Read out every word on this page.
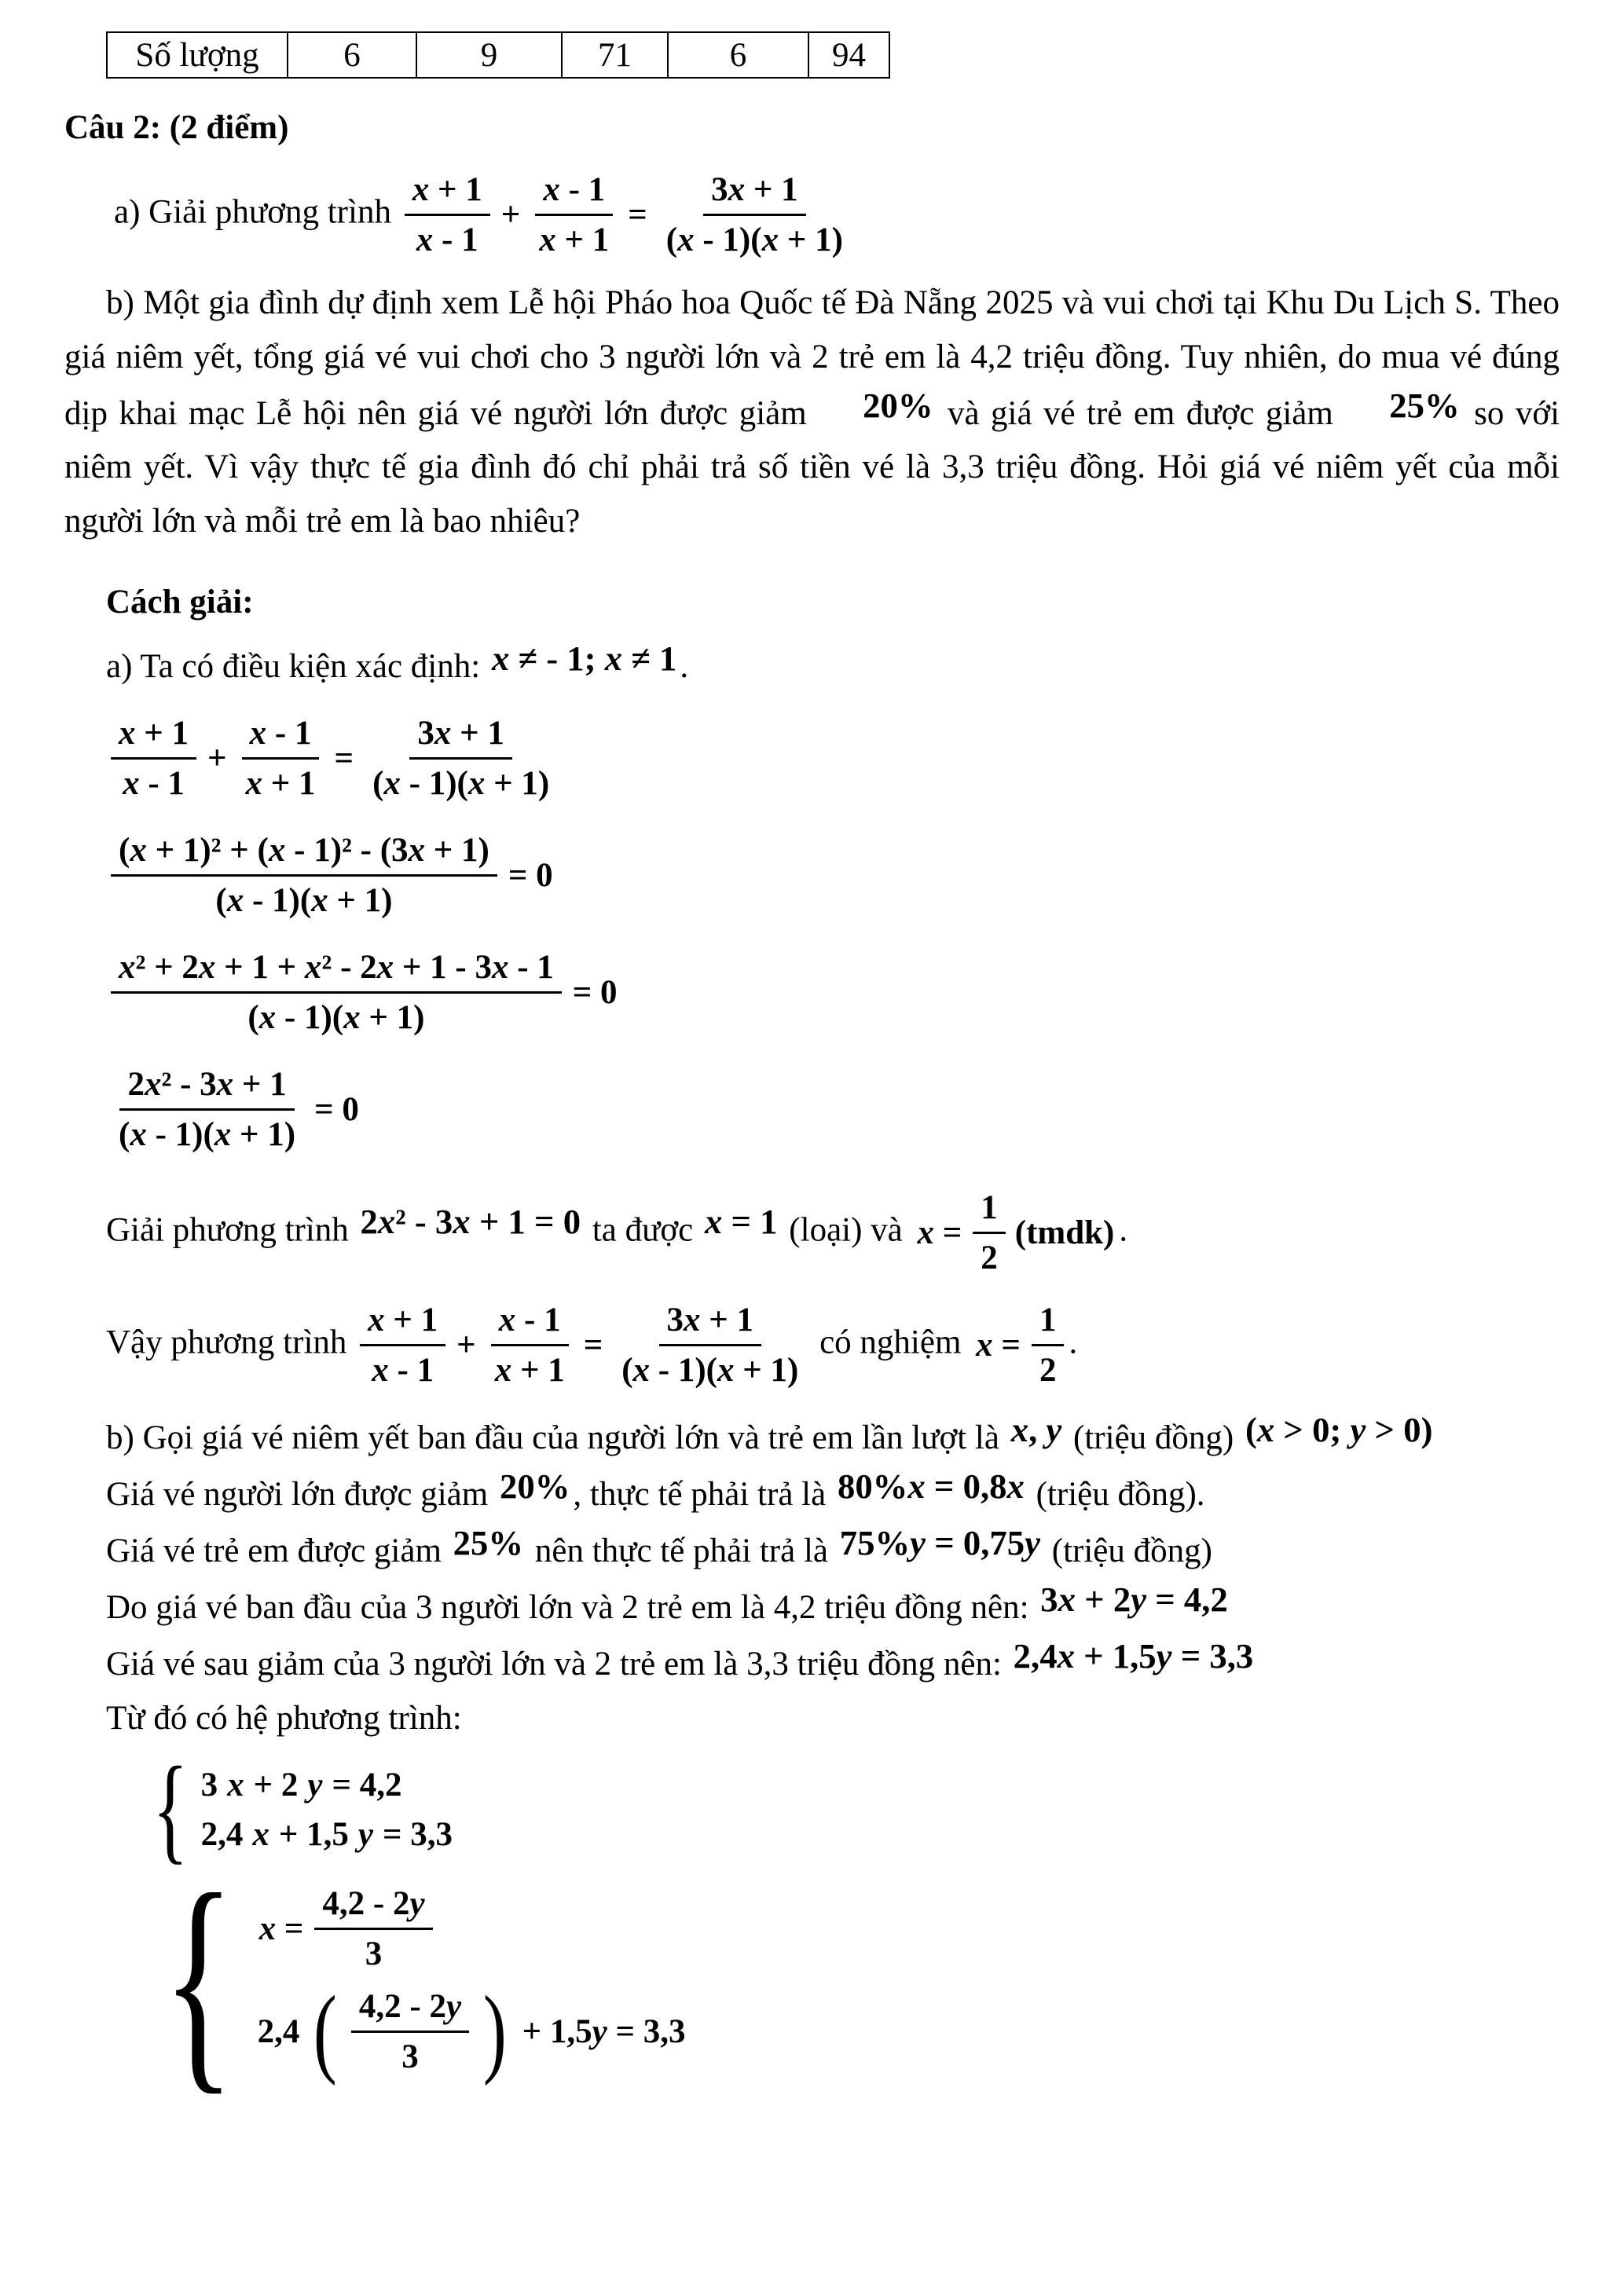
Số lượng	6	9	71	6	94
Câu 2: (2 điểm)
a) Giải phương trình $\frac{x + 1}{x - 1} + \frac{x - 1}{x + 1} = \frac{3x + 1}{(x - 1)(x + 1)}$

b) Một gia đình dự định xem Lễ hội Pháo hoa Quốc tế Đà Nẵng 2025 và vui chơi tại Khu Du Lịch S. Theo giá niêm yết, tổng giá vé vui chơi cho 3 người lớn và 2 trẻ em là 4,2 triệu đồng. Tuy nhiên, do mua vé đúng dịp khai mạc Lễ hội nên giá vé người lớn được giảm 20% và giá vé trẻ em được giảm 25% so với niêm yết. Vì vậy thực tế gia đình đó chỉ phải trả số tiền vé là 3,3 triệu đồng. Hỏi giá vé niêm yết của mỗi người lớn và mỗi trẻ em là bao nhiêu?

Cách giải:
a) Ta có điều kiện xác định: x ≠ - 1; x ≠ 1.
$\frac{x + 1}{x - 1} + \frac{x - 1}{x + 1} = \frac{3x + 1}{(x - 1)(x + 1)}$
$\frac{\text{(x + 1)² + (x - 1)² - (3x + 1)}}{(x - 1)(x + 1)} = 0$
$\frac{\text{x² + 2x + 1 + x² - 2x + 1 - 3x - 1}}{(x - 1)(x + 1)} = 0$
$\frac{\text{2x² - 3x + 1}}{(x - 1)(x + 1)} = 0$
Giải phương trình 2x² - 3x + 1 = 0 ta được x = 1 (loại) và $x = \frac{1}{2}$ (tmdk) .
Vậy phương trình $\frac{x + 1}{x - 1} + \frac{x - 1}{x + 1} = \frac{3x + 1}{(x - 1)(x + 1)}$ có nghiệm $x = \frac{1}{2}$ .
b) Gọi giá vé niêm yết ban đầu của người lớn và trẻ em lần lượt là x, y (triệu đồng) (x > 0; y > 0)
Giá vé người lớn được giảm 20%, thực tế phải trả là 80%x = 0,8x (triệu đồng).
Giá vé trẻ em được giảm 25% nên thực tế phải trả là 75%y = 0,75y (triệu đồng)
Do giá vé ban đầu của 3 người lớn và 2 trẻ em là 4,2 triệu đồng nên: 3x + 2y = 4,2
Giá vé sau giảm của 3 người lớn và 2 trẻ em là 3,3 triệu đồng nên: 2,4x + 1,5y = 3,3
Từ đó có hệ phương trình:
{ 3 x + 2 y = 4,2
2,4 x + 1,5 y = 3,3
{ $x = \frac{4,2 - 2y}{3}$
2,4 ( $\frac{4,2 - 2y}{3}$ ) + 1,5y = 3,3
